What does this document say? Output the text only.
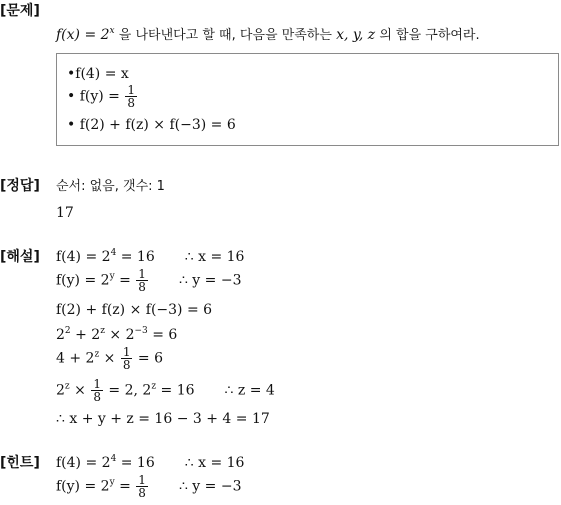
[문제]
$f(x) = 2^x$ 을 나타낸다고 할 때, 다음을 만족하는 x, y, z 의 합을 구하여라.
•f(4) = x
• $f(y) = \frac{1}{8}$
• f(2) + f(z) × f(−3) = 6
[정답] 순서: 없음, 갯수: 1
17
[해설] $f(4) = 2^4 = 16$ ∴ x = 16
$f(y) = 2^y = \frac{1}{8}$ ∴ y = −3
f(2) + f(z) × f(−3) = 6
$2^2 + 2^z \times 2^{-3} = 6$
$4 + 2^z \times \frac{1}{8} = 6$
$2^z \times \frac{1}{8} = 2$, $2^z = 16$ ∴ z = 4
∴ x + y + z = 16 − 3 + 4 = 17
[힌트] $f(4) = 2^4 = 16$ ∴ x = 16
$f(y) = 2^y = \frac{1}{8}$ ∴ y = −3
